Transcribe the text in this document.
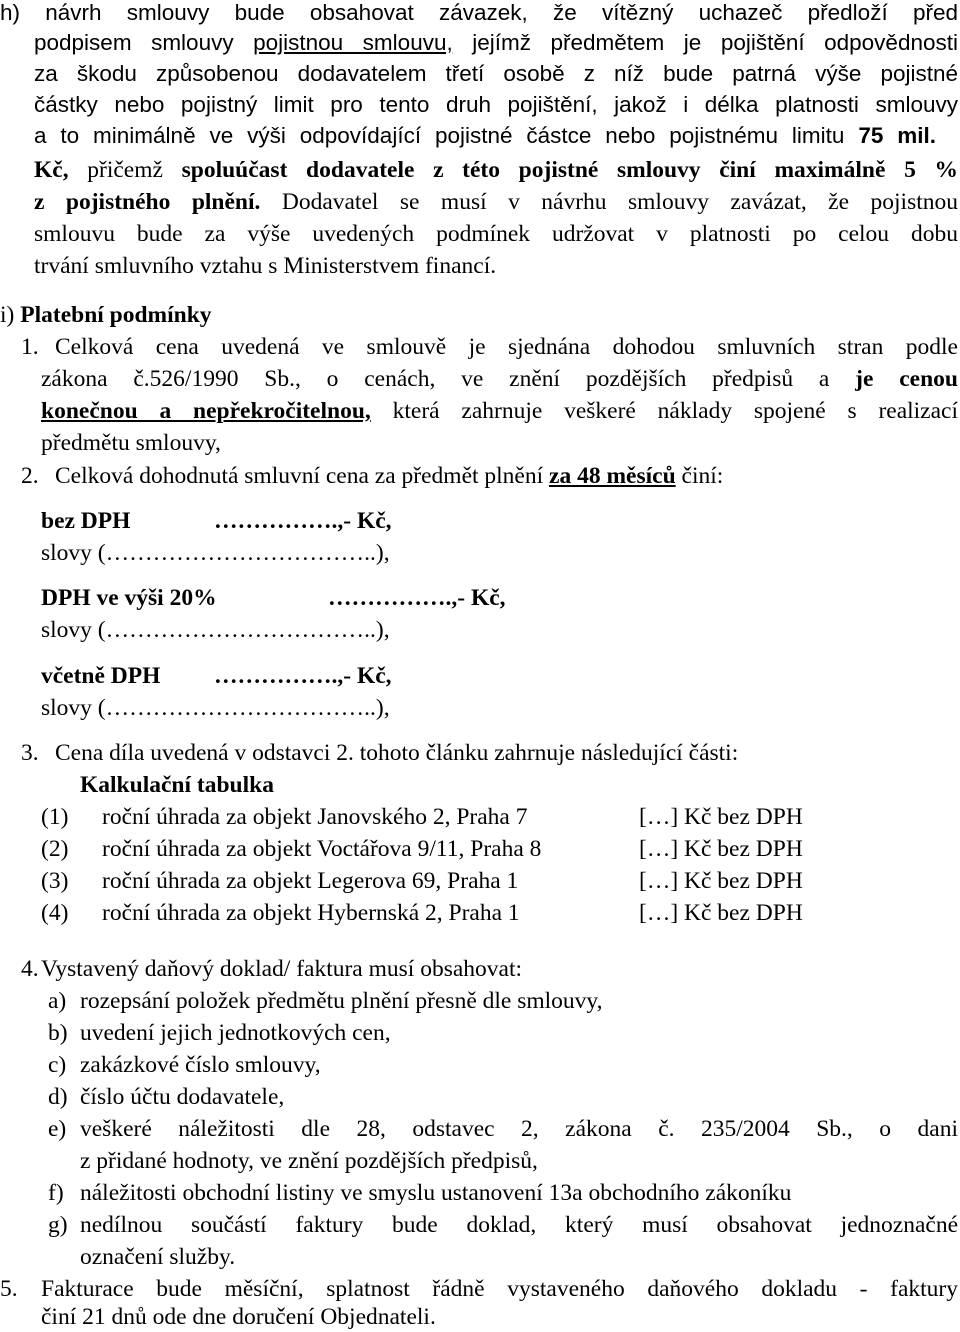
h) návrh smlouvy bude obsahovat závazek, že vítězný uchazeč předloží před
podpisem smlouvy pojistnou smlouvu, jejímž předmětem je pojištění odpovědnosti
za škodu způsobenou dodavatelem třetí osobě z níž bude patrná výše pojistné
částky nebo pojistný limit pro tento druh pojištění, jakož i délka platnosti smlouvy
a to minimálně ve výši odpovídající pojistné částce nebo pojistnému limitu 75 mil.
Kč, přičemž spoluúčast dodavatele z této pojistné smlouvy činí maximálně 5 %
z pojistného plnění. Dodavatel se musí v návrhu smlouvy zavázat, že pojistnou
smlouvu bude za výše uvedených podmínek udržovat v platnosti po celou dobu
trvání smluvního vztahu s Ministerstvem financí.
i) Platební podmínky
1. Celková cena uvedená ve smlouvě je sjednána dohodou smluvních stran podle
zákona č.526/1990 Sb., o cenách, ve znění pozdějších předpisů a je cenou
konečnou a nepřekročitelnou, která zahrnuje veškeré náklady spojené s realizací
předmětu smlouvy,
2. Celková dohodnutá smluvní cena za předmět plnění za 48 měsíců činí:
bez DPH	…………….,- Kč,
slovy (……………………………..),
DPH ve výši 20%	…………….,- Kč,
slovy (……………………………..),
včetně DPH …………….,- Kč,
slovy (……………………………..),
3. Cena díla uvedená v odstavci 2. tohoto článku zahrnuje následující části:
Kalkulační tabulka
(1) roční úhrada za objekt Janovského 2, Praha 7	[…] Kč bez DPH
(2) roční úhrada za objekt Voctářova 9/11, Praha 8	[…] Kč bez DPH
(3) roční úhrada za objekt Legerova 69, Praha 1	[…] Kč bez DPH
(4) roční úhrada za objekt Hybernská 2, Praha 1	[…] Kč bez DPH
4. Vystavený daňový doklad/ faktura musí obsahovat:
a) rozepsání položek předmětu plnění přesně dle smlouvy,
b) uvedení jejich jednotkových cen,
c) zakázkové číslo smlouvy,
d) číslo účtu dodavatele,
e) veškeré náležitosti dle 28, odstavec 2, zákona č. 235/2004 Sb., o dani
z přidané hodnoty, ve znění pozdějších předpisů,
f) náležitosti obchodní listiny ve smyslu ustanovení 13a obchodního zákoníku
g) nedílnou součástí faktury bude doklad, který musí obsahovat jednoznačné
označení služby.
5. Fakturace bude měsíční, splatnost řádně vystaveného daňového dokladu - faktury
činí 21 dnů ode dne doručení Objednateli.
